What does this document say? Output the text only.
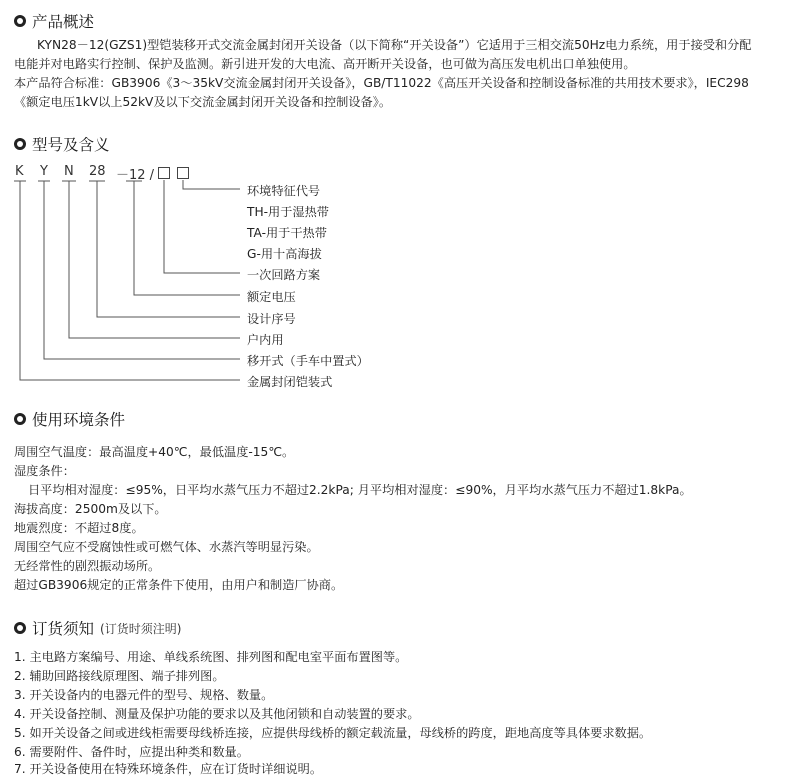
产品概述
KYN28－12(GZS1)型铠装移开式交流金属封闭开关设备（以下简称“开关设备”）它适用于三相交流50Hz电力系统，用于接受和分配
电能并对电路实行控制、保护及监测。新引进开发的大电流、高开断开关设备，也可做为高压发电机出口单独使用。
本产品符合标准：GB3906《3～35kV交流金属封闭开关设备》，GB/T11022《高压开关设备和控制设备标准的共用技术要求》，IEC298
《额定电压1kV以上52kV及以下交流金属封闭开关设备和控制设备》。
型号及含义
K Y N 28 －12 /
环境特征代号
TH-用于湿热带
TA-用于干热带
G-用十高海拔
一次回路方案
额定电压
设计序号
户内用
移开式（手车中置式）
金属封闭铠装式
使用环境条件
周围空气温度：最高温度+40℃，最低温度-15℃。
湿度条件：
日平均相对湿度：≤95%，日平均水蒸气压力不超过2.2kPa; 月平均相对湿度：≤90%，月平均水蒸气压力不超过1.8kPa。
海拔高度：2500m及以下。
地震烈度：不超过8度。
周围空气应不受腐蚀性或可燃气体、水蒸汽等明显污染。
无经常性的剧烈振动场所。
超过GB3906规定的正常条件下使用，由用户和制造厂协商。
订货须知 (订货时须注明)
1. 主电路方案编号、用途、单线系统图、排列图和配电室平面布置图等。
2. 辅助回路接线原理图、端子排列图。
3. 开关设备内的电器元件的型号、规格、数量。
4. 开关设备控制、测量及保护功能的要求以及其他闭锁和自动装置的要求。
5. 如开关设备之间或进线柜需要母线桥连接，应提供母线桥的额定载流量，母线桥的跨度，距地高度等具体要求数据。
6. 需要附件、备件时，应提出种类和数量。
7. 开关设备使用在特殊环境条件，应在订货时详细说明。
